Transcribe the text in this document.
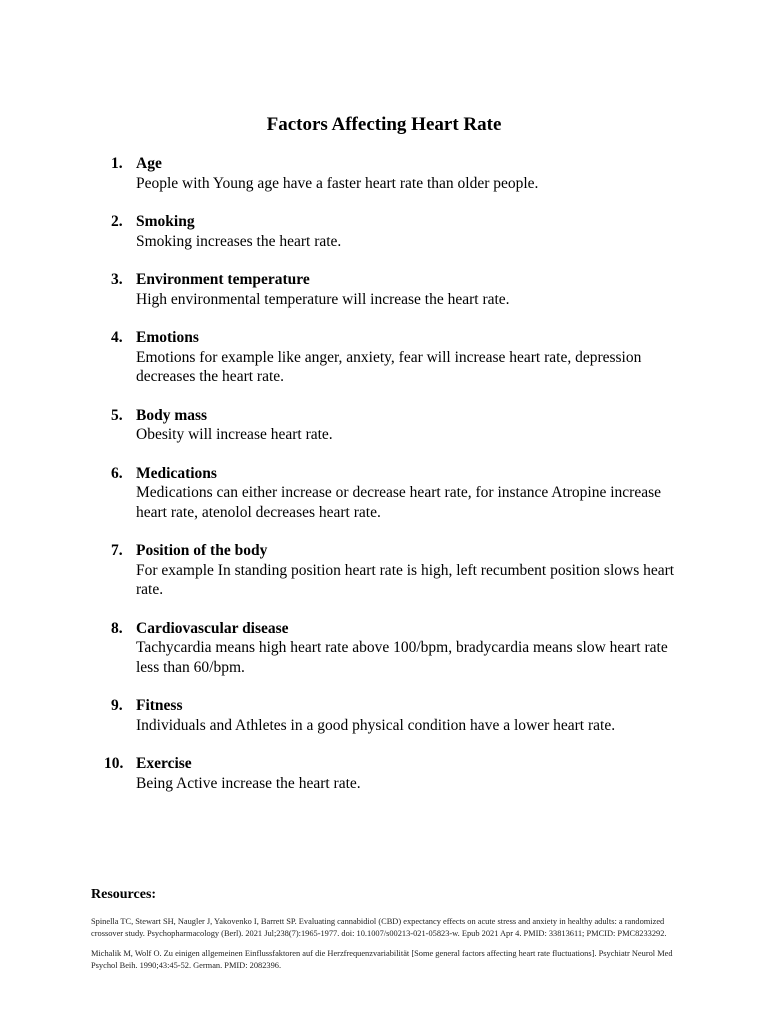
Factors Affecting Heart Rate
1. Age
People with Young age have a faster heart rate than older people.
2. Smoking
Smoking increases the heart rate.
3. Environment temperature
High environmental temperature will increase the heart rate.
4. Emotions
Emotions for example like anger, anxiety, fear will increase heart rate, depression decreases the heart rate.
5. Body mass
Obesity will increase heart rate.
6. Medications
Medications can either increase or decrease heart rate, for instance Atropine increase heart rate, atenolol decreases heart rate.
7. Position of the body
For example In standing position heart rate is high, left recumbent position slows heart rate.
8. Cardiovascular disease
Tachycardia means high heart rate above 100/bpm, bradycardia means slow heart rate less than 60/bpm.
9. Fitness
Individuals and Athletes in a good physical condition have a lower heart rate.
10. Exercise
Being Active increase the heart rate.
Resources:

Spinella TC, Stewart SH, Naugler J, Yakovenko I, Barrett SP. Evaluating cannabidiol (CBD) expectancy effects on acute stress and anxiety in healthy adults: a randomized crossover study. Psychopharmacology (Berl). 2021 Jul;238(7):1965-1977. doi: 10.1007/s00213-021-05823-w. Epub 2021 Apr 4. PMID: 33813611; PMCID: PMC8233292.

Michalik M, Wolf O. Zu einigen allgemeinen Einflussfaktoren auf die Herzfrequenzvariabilität [Some general factors affecting heart rate fluctuations]. Psychiatr Neurol Med Psychol Beih. 1990;43:45-52. German. PMID: 2082396.
